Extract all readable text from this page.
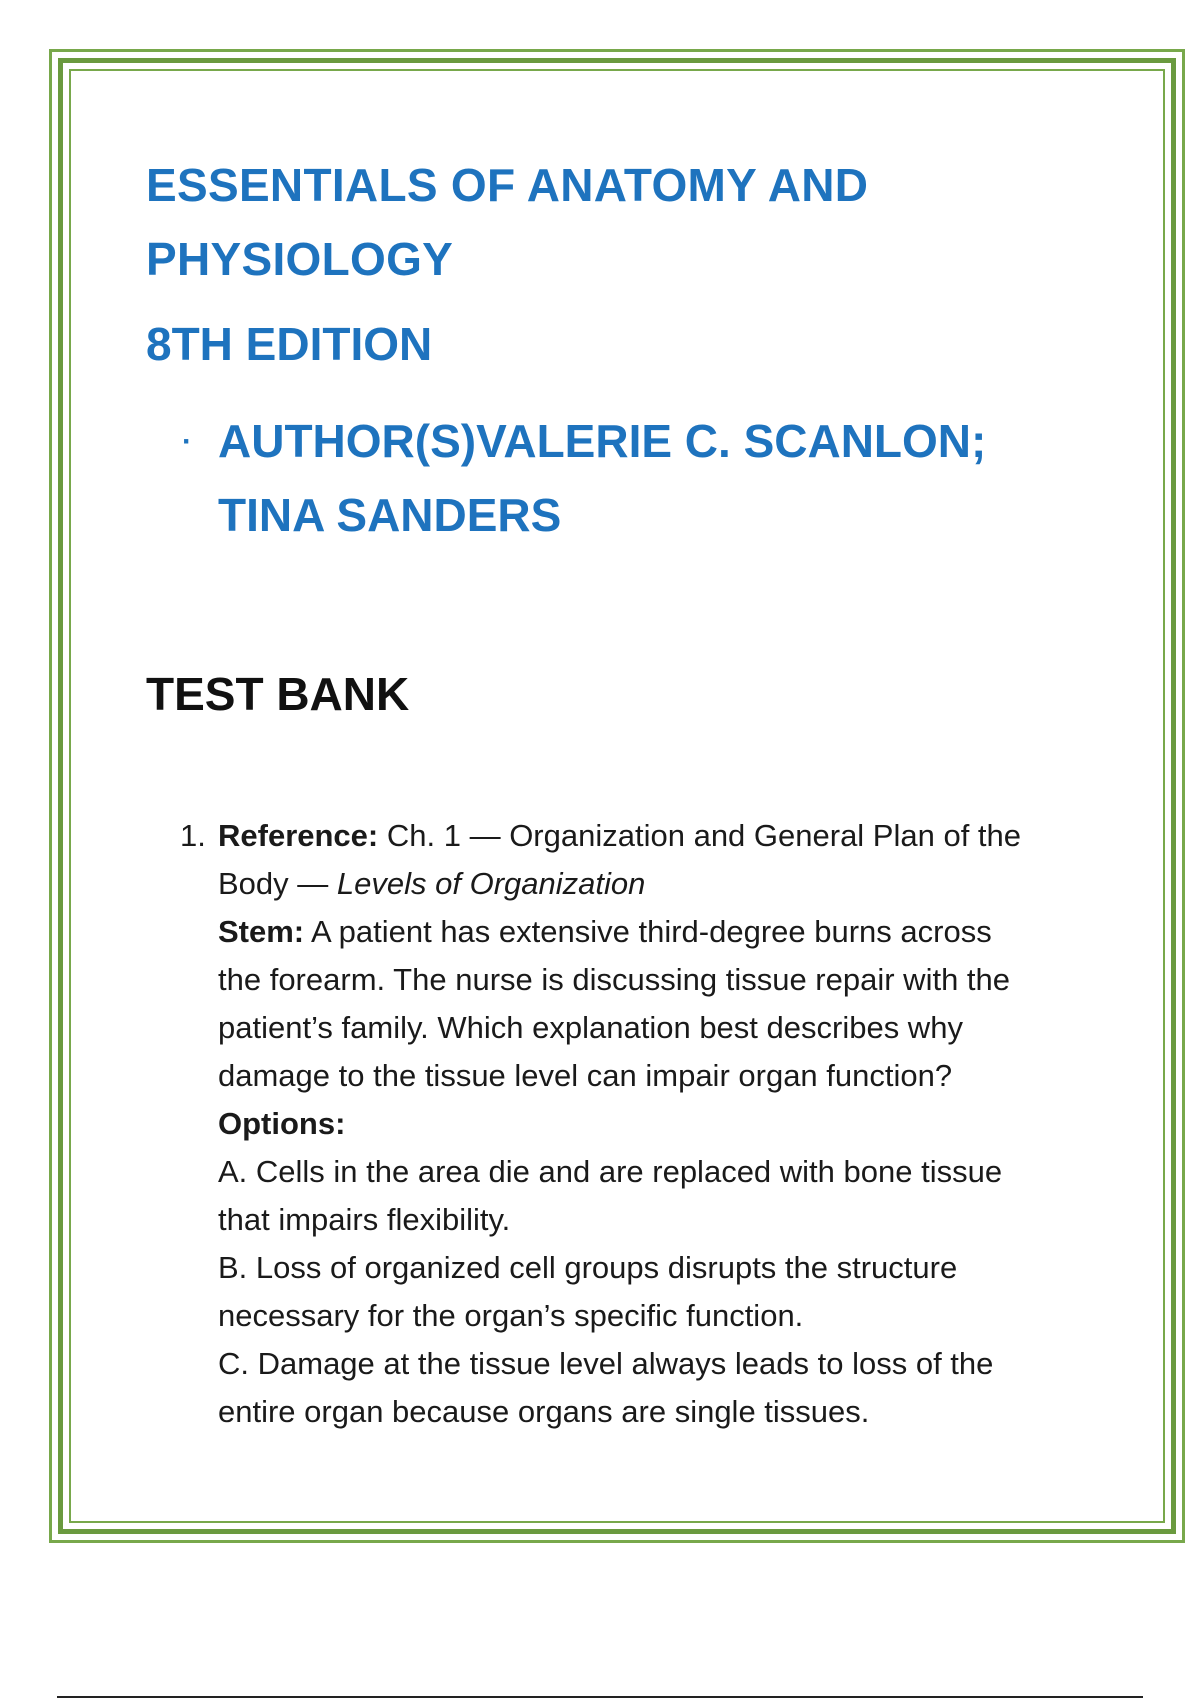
ESSENTIALS OF ANATOMY AND
PHYSIOLOGY
8TH EDITION
· AUTHOR(S)VALERIE C. SCANLON;
TINA SANDERS
TEST BANK
1. Reference: Ch. 1 — Organization and General Plan of the
Body — Levels of Organization
Stem: A patient has extensive third-degree burns across
the forearm. The nurse is discussing tissue repair with the
patient’s family. Which explanation best describes why
damage to the tissue level can impair organ function?
Options:
A. Cells in the area die and are replaced with bone tissue
that impairs flexibility.
B. Loss of organized cell groups disrupts the structure
necessary for the organ’s specific function.
C. Damage at the tissue level always leads to loss of the
entire organ because organs are single tissues.
